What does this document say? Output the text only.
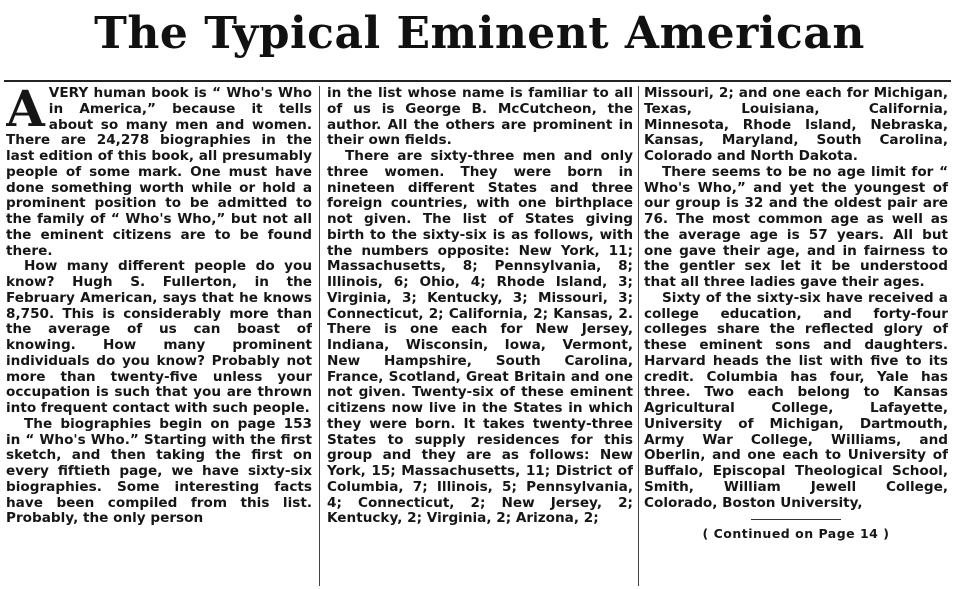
The Typical Eminent American

AVERY human book is “ Who's Who in America,” because it tells about so many men and women. There are 24,278 biographies in the last edition of this book, all presumably people of some mark. One must have done something worth while or hold a prominent position to be admitted to the family of “ Who's Who,” but not all the eminent citizens are to be found there.

How many different people do you know? Hugh S. Fullerton, in the February American, says that he knows 8,750. This is considerably more than the average of us can boast of knowing. How many prominent individuals do you know? Probably not more than twenty-five unless your occupation is such that you are thrown into frequent contact with such people.

The biographies begin on page 153 in “ Who's Who.” Starting with the first sketch, and then taking the first on every fiftieth page, we have sixty-six biographies. Some interesting facts have been compiled from this list. Probably, the only person

in the list whose name is familiar to all of us is George B. McCutcheon, the author. All the others are prominent in their own fields.

There are sixty-three men and only three women. They were born in nineteen different States and three foreign countries, with one birthplace not given. The list of States giving birth to the sixty-six is as follows, with the numbers opposite: New York, 11; Massachusetts, 8; Pennsylvania, 8; Illinois, 6; Ohio, 4; Rhode Island, 3; Virginia, 3; Kentucky, 3; Missouri, 3; Connecticut, 2; California, 2; Kansas, 2. There is one each for New Jersey, Indiana, Wisconsin, Iowa, Vermont, New Hampshire, South Carolina, France, Scotland, Great Britain and one not given. Twenty-six of these eminent citizens now live in the States in which they were born. It takes twenty-three States to supply residences for this group and they are as follows: New York, 15; Massachusetts, 11; District of Columbia, 7; Illinois, 5; Pennsylvania, 4; Connecticut, 2; New Jersey, 2; Kentucky, 2; Virginia, 2; Arizona, 2;

Missouri, 2; and one each for Michigan, Texas, Louisiana, California, Minnesota, Rhode Island, Nebraska, Kansas, Maryland, South Carolina, Colorado and North Dakota.

There seems to be no age limit for “ Who's Who,” and yet the youngest of our group is 32 and the oldest pair are 76. The most common age as well as the average age is 57 years. All but one gave their age, and in fairness to the gentler sex let it be understood that all three ladies gave their ages.

Sixty of the sixty-six have received a college education, and forty-four colleges share the reflected glory of these eminent sons and daughters. Harvard heads the list with five to its credit. Columbia has four, Yale has three. Two each belong to Kansas Agricultural College, Lafayette, University of Michigan, Dartmouth, Army War College, Williams, and Oberlin, and one each to University of Buffalo, Episcopal Theological School, Smith, William Jewell College, Colorado, Boston University,

( Continued on Page 14 )
